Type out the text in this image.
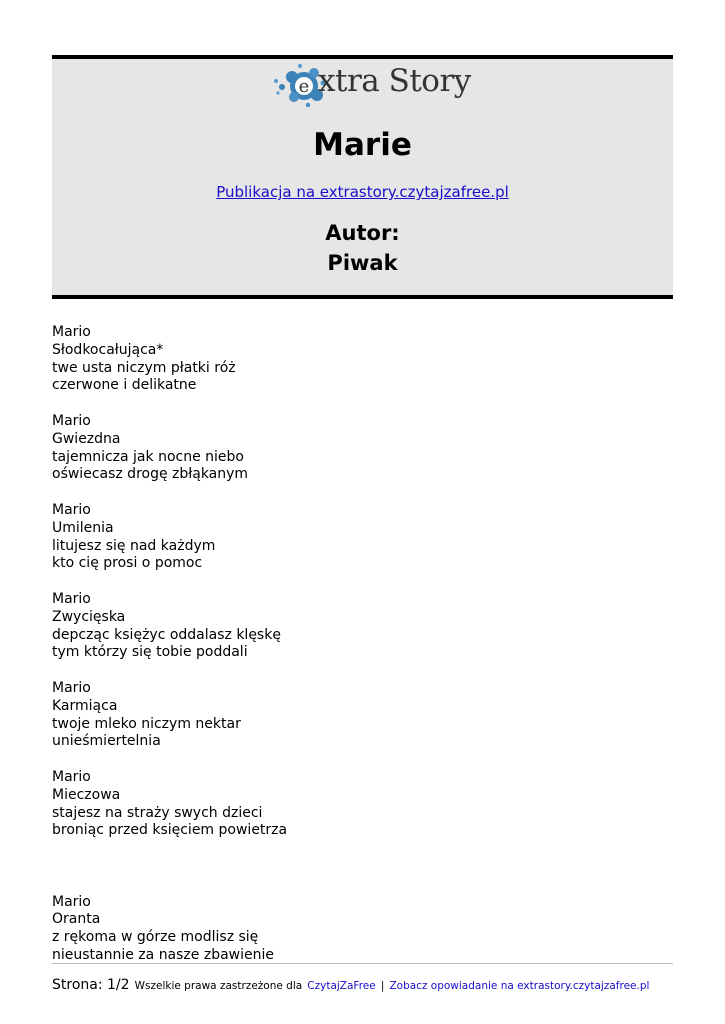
e xtra Story
Marie
Publikacja na extrastory.czytajzafree.pl
Autor:
Piwak
Mario
Słodkocałująca*
twe usta niczym płatki róż
czerwone i delikatne
Mario
Gwiezdna
tajemnicza jak nocne niebo
oświecasz drogę zbłąkanym
Mario
Umilenia
litujesz się nad każdym
kto cię prosi o pomoc
Mario
Zwycięska
depcząc księżyc oddalasz klęskę
tym którzy się tobie poddali
Mario
Karmiąca
twoje mleko niczym nektar
unieśmiertelnia
Mario
Mieczowa
stajesz na straży swych dzieci
broniąc przed księciem powietrza
Mario
Oranta
z rękoma w górze modlisz się
nieustannie za nasze zbawienie
Strona: 1/2 Wszelkie prawa zastrzeżone dla CzytajZaFree | Zobacz opowiadanie na extrastory.czytajzafree.pl
